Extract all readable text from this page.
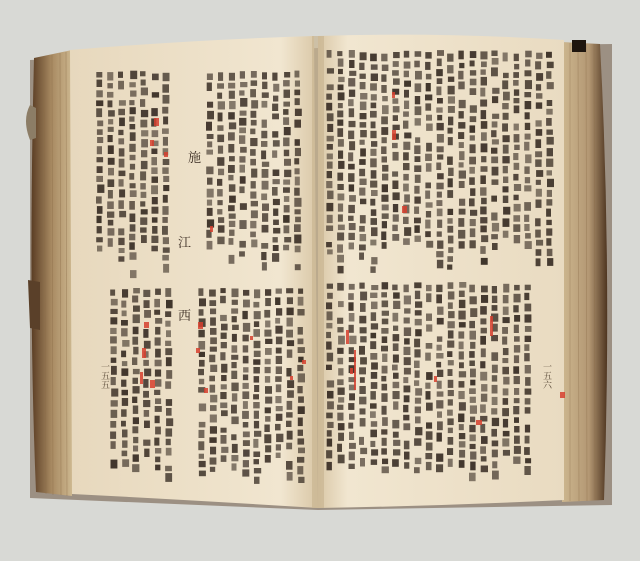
一五五	一五六
施
江
西
